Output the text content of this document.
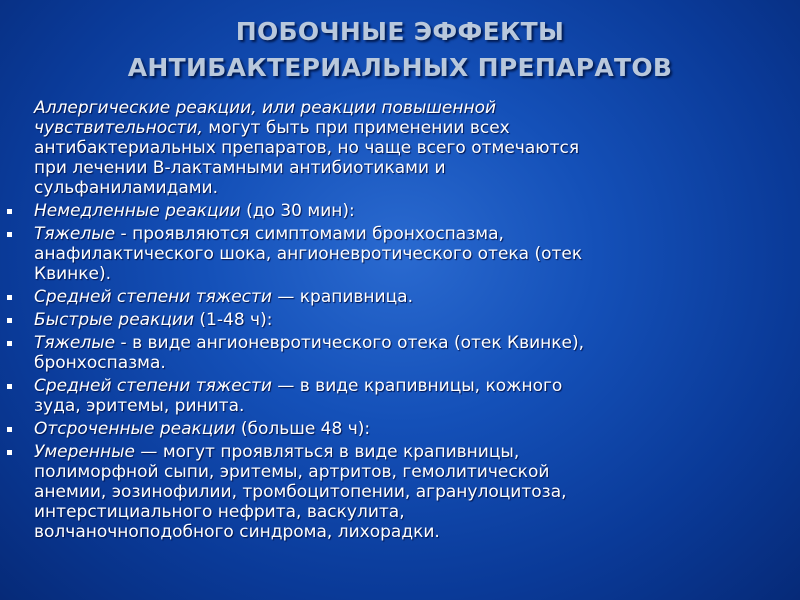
ПОБОЧНЫЕ ЭФФЕКТЫ
АНТИБАКТЕРИАЛЬНЫХ ПРЕПАРАТОВ
Аллергические реакции, или реакции повышенной
чувствительности, могут быть при применении всех
антибактериальных препаратов, но чаще всего отмечаются
при лечении В-лактамными антибиотиками и
сульфаниламидами.
Немедленные реакции (до 30 мин):
Тяжелые - проявляются симптомами бронхоспазма,
анафилактического шока, ангионевротического отека (отек
Квинке).
Средней степени тяжести — крапивница.
Быстрые реакции (1-48 ч):
Тяжелые - в виде ангионевротического отека (отек Квинке),
бронхоспазма.
Средней степени тяжести — в виде крапивницы, кожного
зуда, эритемы, ринита.
Отсроченные реакции (больше 48 ч):
Умеренные — могут проявляться в виде крапивницы,
полиморфной сыпи, эритемы, артритов, гемолитической
анемии, эозинофилии, тромбоцитопении, агранулоцитоза,
интерстициального нефрита, васкулита,
волчаночноподобного синдрома, лихорадки.
